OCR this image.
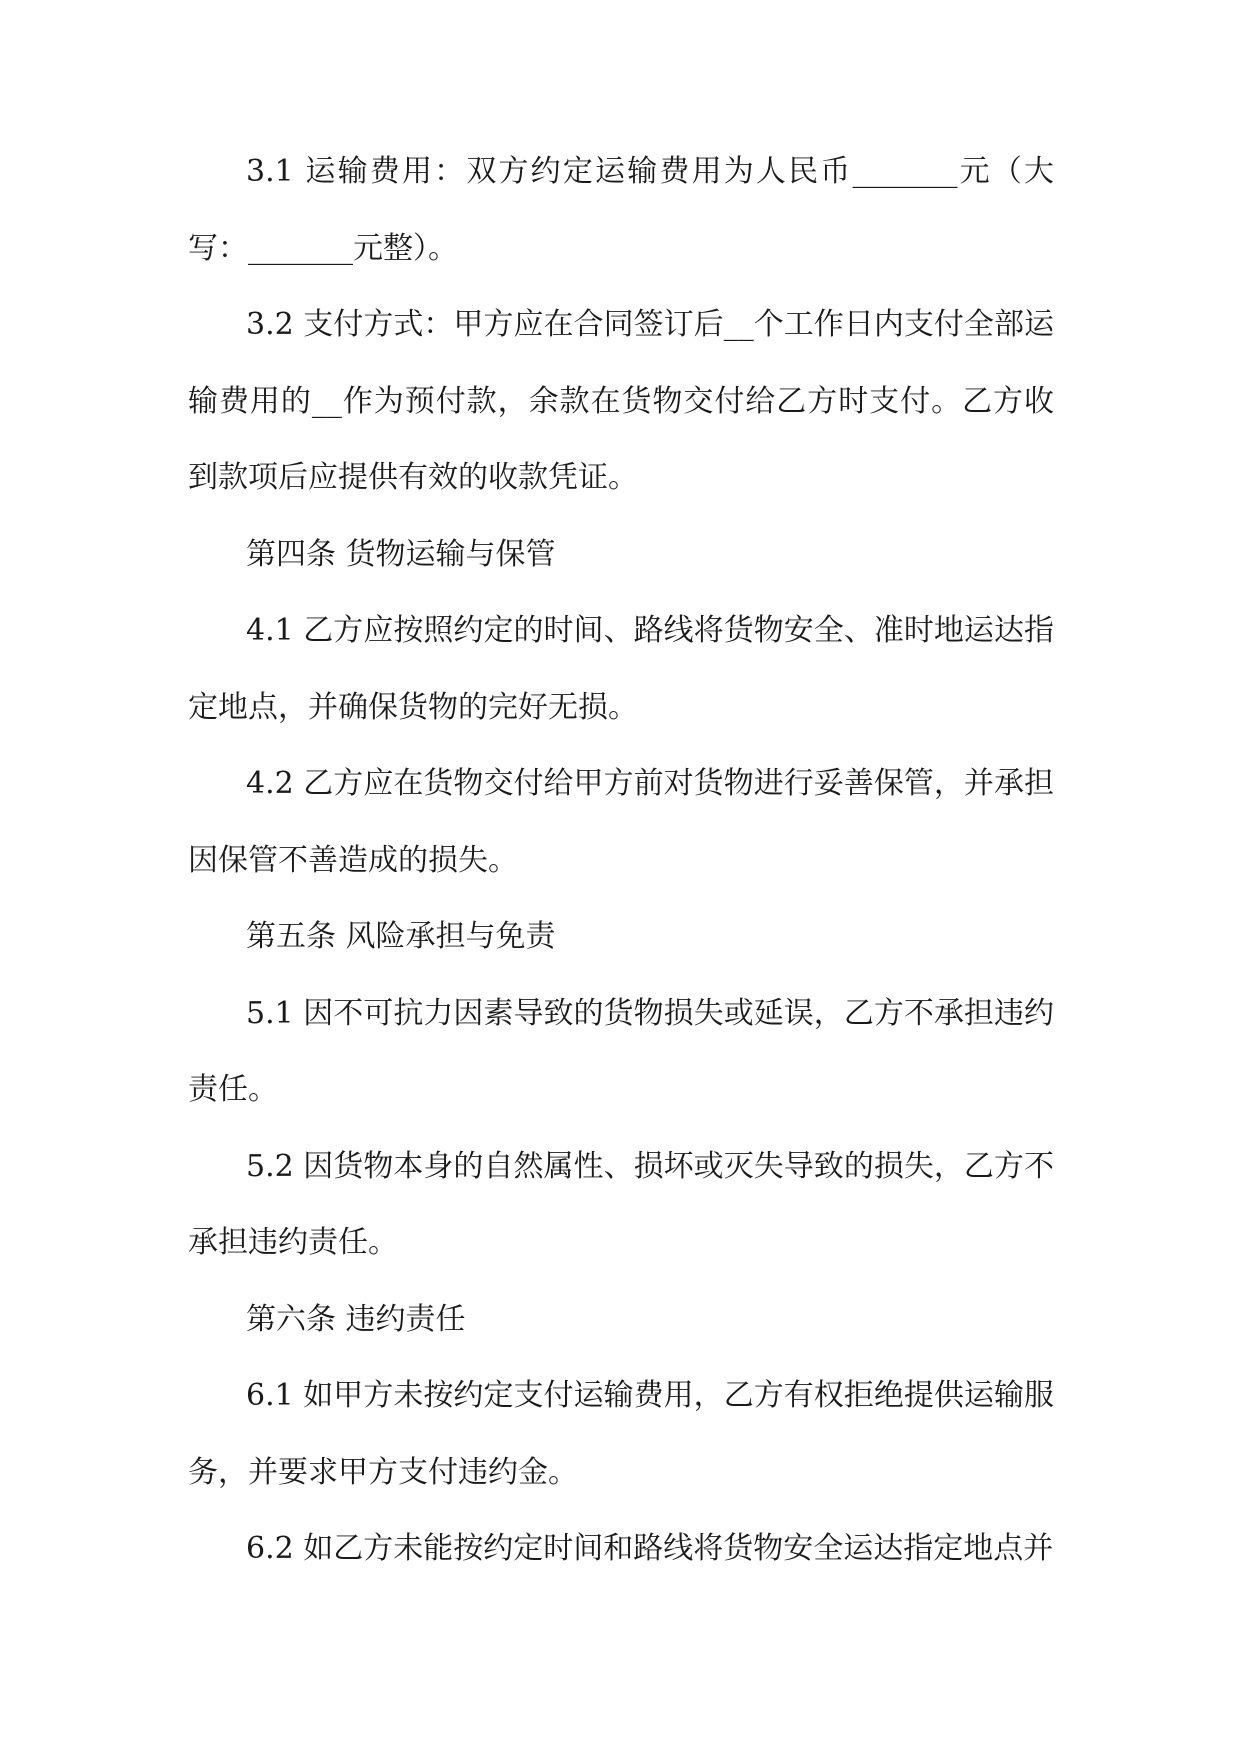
3.1 运输费用：双方约定运输费用为人民币_______元（大写：_______元整）。

3.2 支付方式：甲方应在合同签订后__个工作日内支付全部运输费用的__作为预付款，余款在货物交付给乙方时支付。乙方收到款项后应提供有效的收款凭证。

第四条 货物运输与保管

4.1 乙方应按照约定的时间、路线将货物安全、准时地运达指定地点，并确保货物的完好无损。

4.2 乙方应在货物交付给甲方前对货物进行妥善保管，并承担因保管不善造成的损失。

第五条 风险承担与免责

5.1 因不可抗力因素导致的货物损失或延误，乙方不承担违约责任。

5.2 因货物本身的自然属性、损坏或灭失导致的损失，乙方不承担违约责任。

第六条 违约责任

6.1 如甲方未按约定支付运输费用，乙方有权拒绝提供运输服务，并要求甲方支付违约金。

6.2 如乙方未能按约定时间和路线将货物安全运达指定地点并
